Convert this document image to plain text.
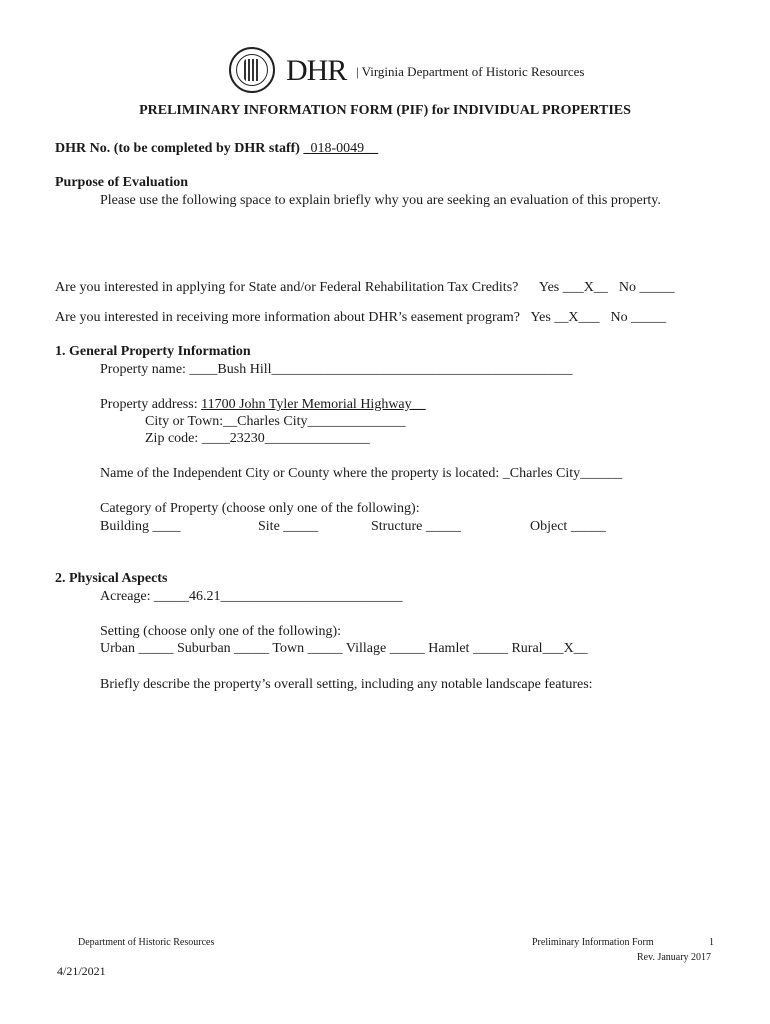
DHR | Virginia Department of Historic Resources
PRELIMINARY INFORMATION FORM (PIF) for INDIVIDUAL PROPERTIES
DHR No. (to be completed by DHR staff) _018-0049__
Purpose of Evaluation
Please use the following space to explain briefly why you are seeking an evaluation of this property.
Are you interested in applying for State and/or Federal Rehabilitation Tax Credits? Yes ___X__ No _____
Are you interested in receiving more information about DHR’s easement program? Yes __X___ No _____
1. General Property Information
Property name: ____Bush Hill___________________________________________
Property address: 11700 John Tyler Memorial Highway__
City or Town:__Charles City______________
Zip code: ____23230_______________
Name of the Independent City or County where the property is located: _Charles City______
Category of Property (choose only one of the following):
Building ____	Site _____	Structure _____	Object _____
2. Physical Aspects
Acreage: _____46.21__________________________
Setting (choose only one of the following):
Urban _____ Suburban _____ Town _____ Village _____ Hamlet _____ Rural___X__
Briefly describe the property’s overall setting, including any notable landscape features:
Department of Historic Resources	Preliminary Information Form	1
Rev. January 2017
4/21/2021
